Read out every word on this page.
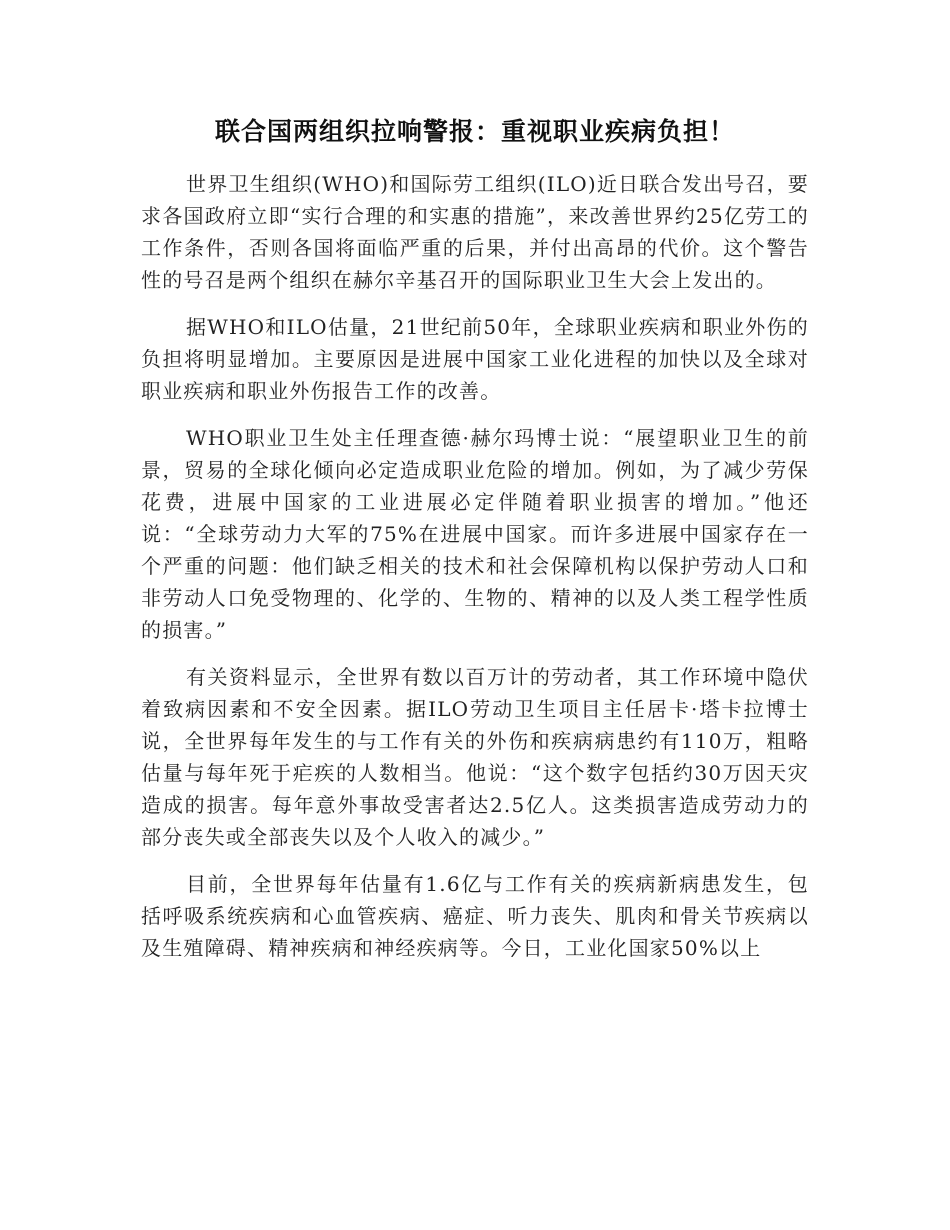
联合国两组织拉响警报：重视职业疾病负担！

世界卫生组织(WHO)和国际劳工组织(ILO)近日联合发出号召，要求各国政府立即“实行合理的和实惠的措施”，来改善世界约25亿劳工的工作条件，否则各国将面临严重的后果，并付出高昂的代价。这个警告性的号召是两个组织在赫尔辛基召开的国际职业卫生大会上发出的。

据WHO和ILO估量，21世纪前50年，全球职业疾病和职业外伤的负担将明显增加。主要原因是进展中国家工业化进程的加快以及全球对职业疾病和职业外伤报告工作的改善。

WHO职业卫生处主任理查德·赫尔玛博士说：“展望职业卫生的前景，贸易的全球化倾向必定造成职业危险的增加。例如，为了减少劳保花费，进展中国家的工业进展必定伴随着职业损害的增加。”他还说：“全球劳动力大军的75%在进展中国家。而许多进展中国家存在一个严重的问题：他们缺乏相关的技术和社会保障机构以保护劳动人口和非劳动人口免受物理的、化学的、生物的、精神的以及人类工程学性质的损害。”

有关资料显示，全世界有数以百万计的劳动者，其工作环境中隐伏着致病因素和不安全因素。据ILO劳动卫生项目主任居卡·塔卡拉博士说，全世界每年发生的与工作有关的外伤和疾病病患约有110万，粗略估量与每年死于疟疾的人数相当。他说：“这个数字包括约30万因天灾造成的损害。每年意外事故受害者达2.5亿人。这类损害造成劳动力的部分丧失或全部丧失以及个人收入的减少。”

目前，全世界每年估量有1.6亿与工作有关的疾病新病患发生，包括呼吸系统疾病和心血管疾病、癌症、听力丧失、肌肉和骨关节疾病以及生殖障碍、精神疾病和神经疾病等。今日，工业化国家50%以上
